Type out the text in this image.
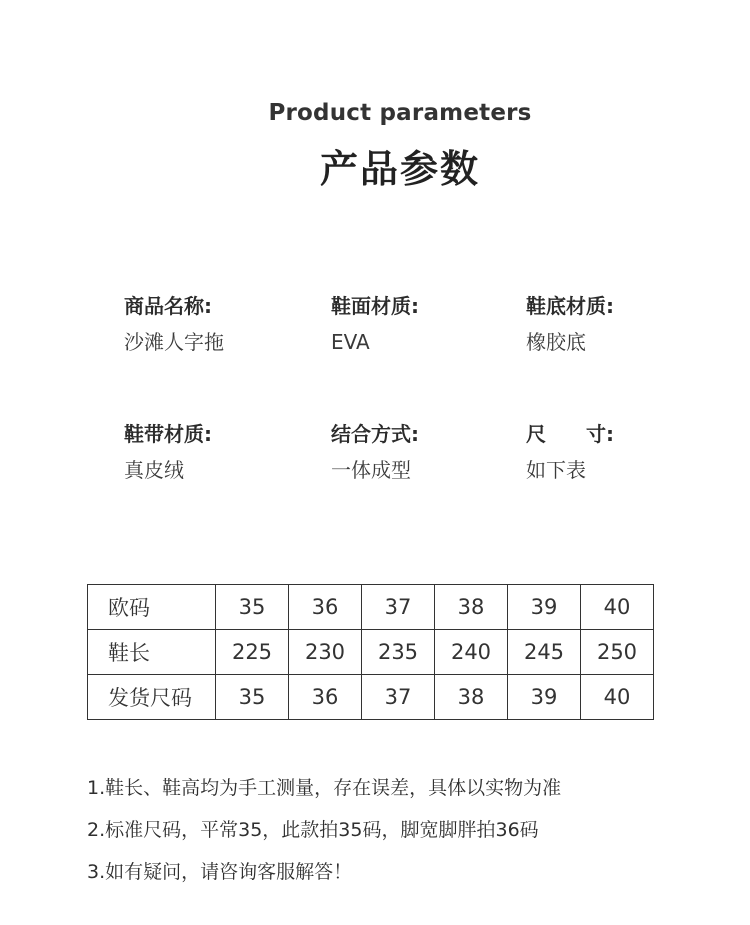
Product parameters
产品参数
商品名称:
沙滩人字拖
鞋面材质:
EVA
鞋底材质:
橡胶底
鞋带材质:
真皮绒
结合方式:
一体成型
尺　　寸:
如下表
欧码	35	36	37	38	39	40
鞋长	225	230	235	240	245	250
发货尺码	35	36	37	38	39	40
1.鞋长、鞋高均为手工测量，存在误差，具体以实物为准
2.标准尺码，平常35，此款拍35码，脚宽脚胖拍36码
3.如有疑问，请咨询客服解答！
